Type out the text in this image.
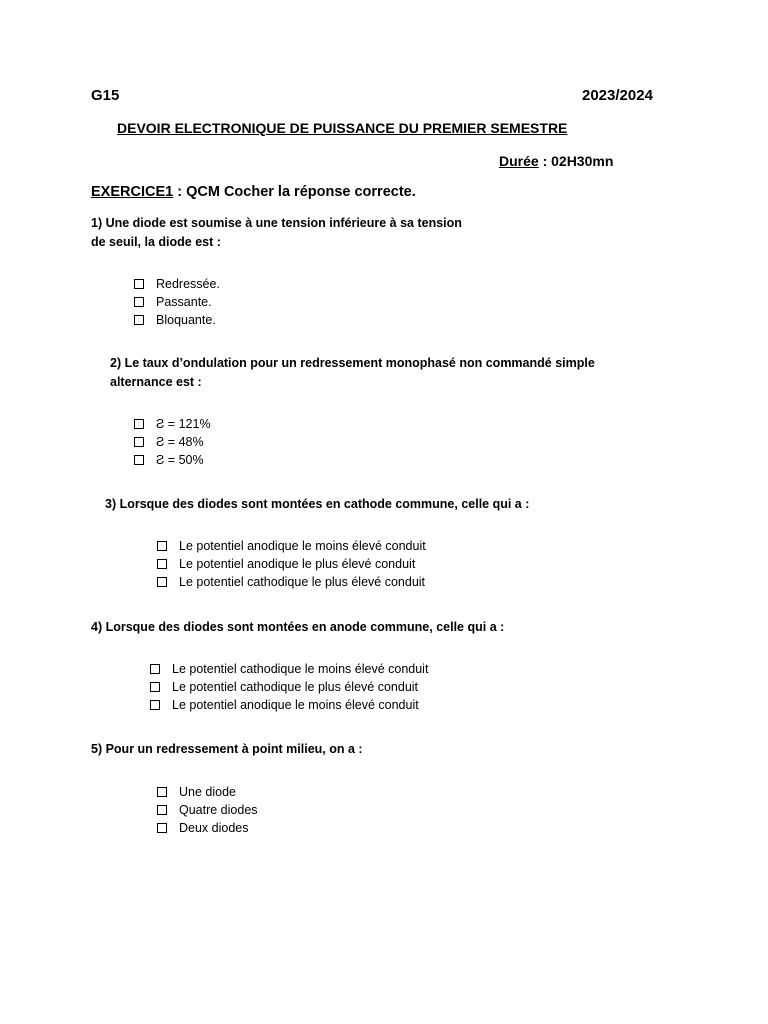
G15	2023/2024
DEVOIR ELECTRONIQUE DE PUISSANCE DU PREMIER SEMESTRE
Durée : 02H30mn
EXERCICE1 : QCM Cocher la réponse correcte.
1) Une diode est soumise à une tension inférieure à sa tension
de seuil, la diode est :
Redressée.
Passante.
Bloquante.
2) Le taux d’ondulation pour un redressement monophasé non commandé simple
alternance est :
Ƨ = 121%
Ƨ = 48%
Ƨ = 50%
3) Lorsque des diodes sont montées en cathode commune, celle qui a :
Le potentiel anodique le moins élevé conduit
Le potentiel anodique le plus élevé conduit
Le potentiel cathodique le plus élevé conduit
4) Lorsque des diodes sont montées en anode commune, celle qui a :
Le potentiel cathodique le moins élevé conduit
Le potentiel cathodique le plus élevé conduit
Le potentiel anodique le moins élevé conduit
5) Pour un redressement à point milieu, on a :
Une diode
Quatre diodes
Deux diodes
